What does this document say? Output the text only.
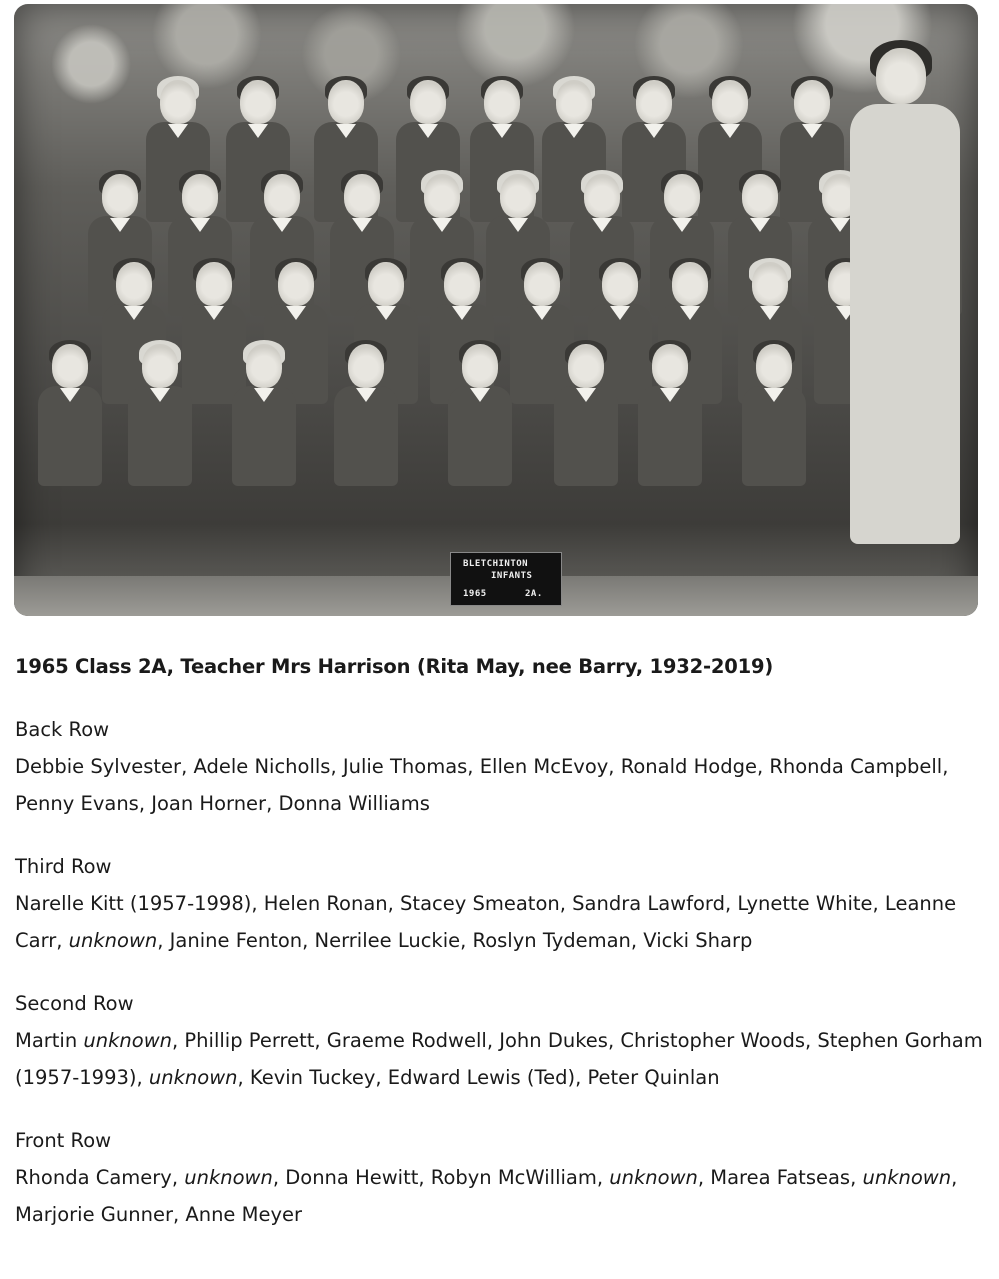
BLETCHINTON
INFANTS
1965	2A.

1965 Class 2A, Teacher Mrs Harrison (Rita May, nee Barry, 1932-2019)

Back Row

Debbie Sylvester, Adele Nicholls, Julie Thomas, Ellen McEvoy, Ronald Hodge, Rhonda Campbell, Penny Evans, Joan Horner, Donna Williams

Third Row

Narelle Kitt (1957-1998), Helen Ronan, Stacey Smeaton, Sandra Lawford, Lynette White, Leanne Carr, unknown, Janine Fenton, Nerrilee Luckie, Roslyn Tydeman, Vicki Sharp

Second Row

Martin unknown, Phillip Perrett, Graeme Rodwell, John Dukes, Christopher Woods, Stephen Gorham (1957-1993), unknown, Kevin Tuckey, Edward Lewis (Ted), Peter Quinlan

Front Row

Rhonda Camery, unknown, Donna Hewitt, Robyn McWilliam, unknown, Marea Fatseas, unknown, Marjorie Gunner, Anne Meyer
